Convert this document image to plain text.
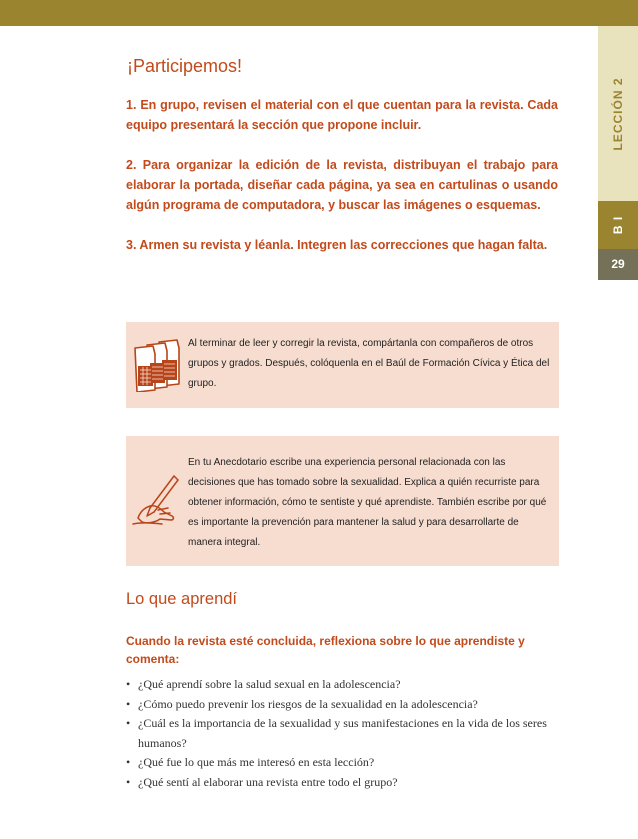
LECCIÓN 2
B I
29
¡Participemos!

1. En grupo, revisen el material con el que cuentan para la revista. Cada equipo presentará la sección que propone incluir.

2. Para organizar la edición de la revista, distribuyan el trabajo para elaborar la portada, diseñar cada página, ya sea en cartulinas o usando algún programa de computadora, y buscar las imágenes o esquemas.

3. Armen su revista y léanla. Integren las correcciones que hagan falta.

Al terminar de leer y corregir la revista, compártanla con compañeros de otros grupos y grados. Después, colóquenla en el Baúl de Formación Cívica y Ética del grupo.

En tu Anecdotario escribe una experiencia personal relacionada con las decisiones que has tomado sobre la sexualidad. Explica a quién recurriste para obtener información, cómo te sentiste y qué aprendiste. También escribe por qué es importante la prevención para mantener la salud y para desarrollarte de manera integral.

Lo que aprendí

Cuando la revista esté concluida, reflexiona sobre lo que aprendiste y comenta:

• ¿Qué aprendí sobre la salud sexual en la adolescencia?
• ¿Cómo puedo prevenir los riesgos de la sexualidad en la adolescencia?
• ¿Cuál es la importancia de la sexualidad y sus manifestaciones en la vida de los seres humanos?
• ¿Qué fue lo que más me interesó en esta lección?
• ¿Qué sentí al elaborar una revista entre todo el grupo?
